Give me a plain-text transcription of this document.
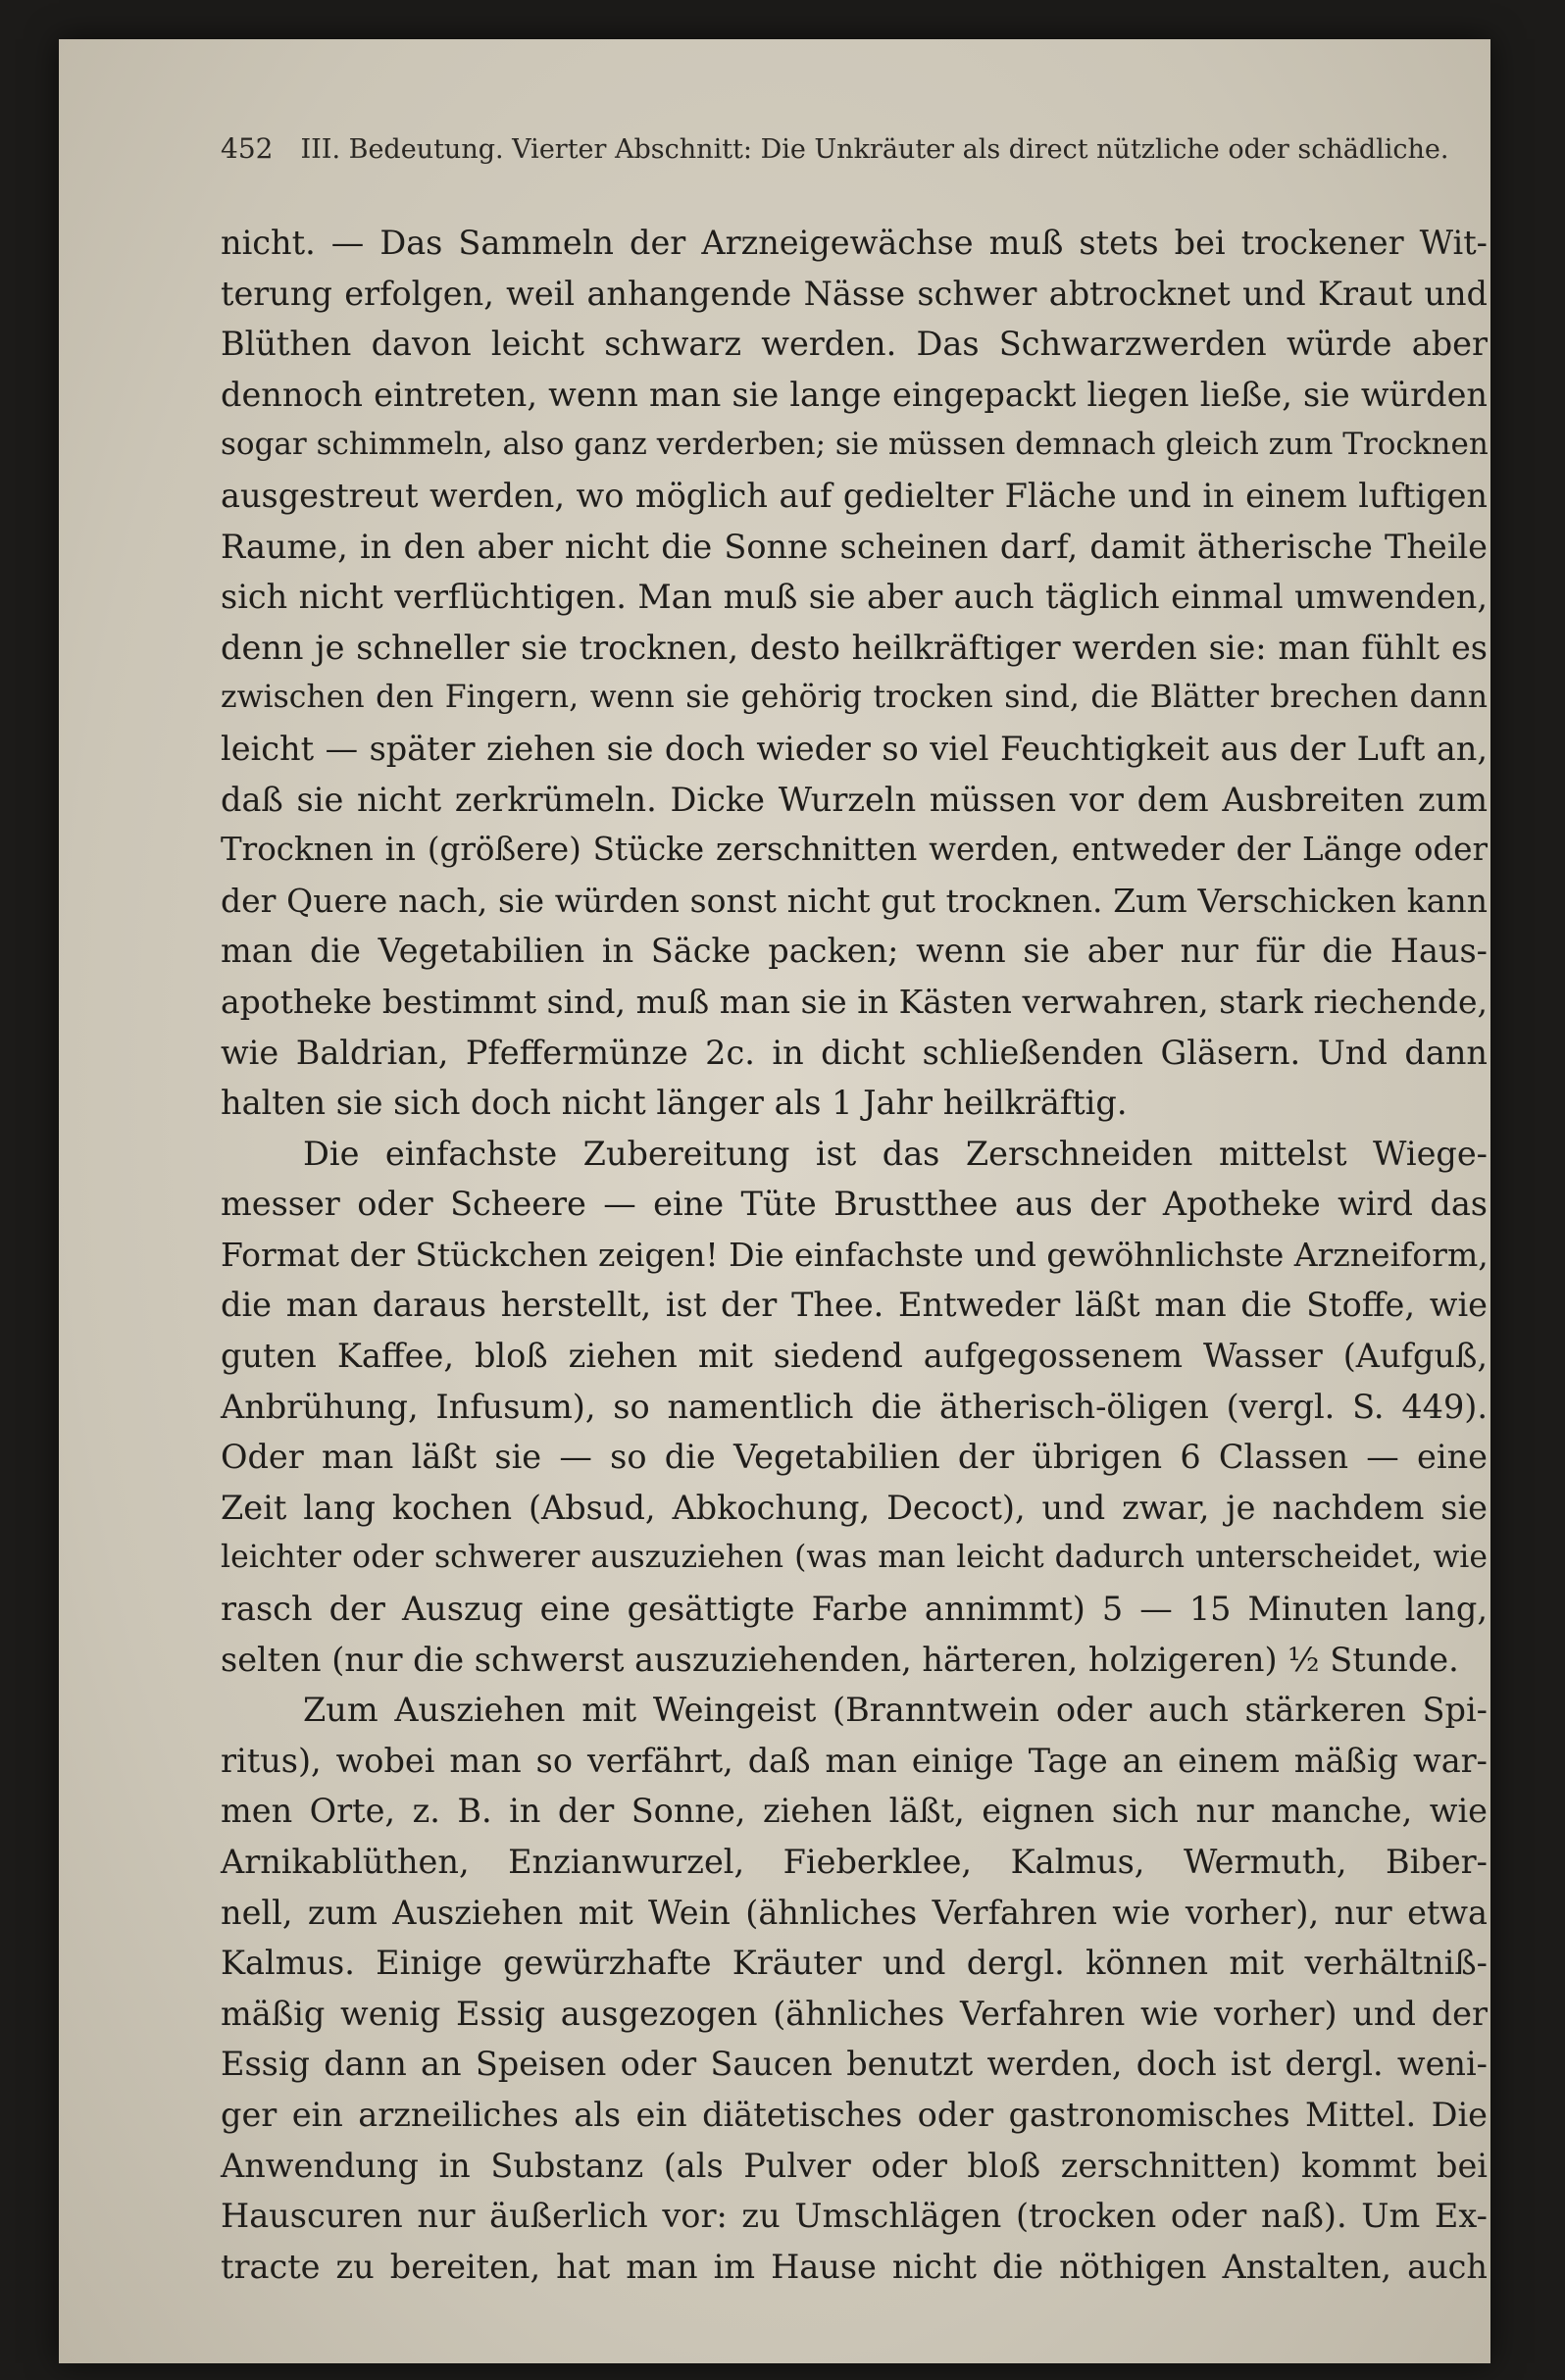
452 III. Bedeutung. Vierter Abschnitt: Die Unkräuter als direct nützliche oder schädliche.
nicht. — Das Sammeln der Arzneigewächse muß stets bei trockener Wit-
terung erfolgen, weil anhangende Nässe schwer abtrocknet und Kraut und
Blüthen davon leicht schwarz werden. Das Schwarzwerden würde aber
dennoch eintreten, wenn man sie lange eingepackt liegen ließe, sie würden
sogar schimmeln, also ganz verderben; sie müssen demnach gleich zum Trocknen
ausgestreut werden, wo möglich auf gedielter Fläche und in einem luftigen
Raume, in den aber nicht die Sonne scheinen darf, damit ätherische Theile
sich nicht verflüchtigen. Man muß sie aber auch täglich einmal umwenden,
denn je schneller sie trocknen, desto heilkräftiger werden sie: man fühlt es
zwischen den Fingern, wenn sie gehörig trocken sind, die Blätter brechen dann
leicht — später ziehen sie doch wieder so viel Feuchtigkeit aus der Luft an,
daß sie nicht zerkrümeln. Dicke Wurzeln müssen vor dem Ausbreiten zum
Trocknen in (größere) Stücke zerschnitten werden, entweder der Länge oder
der Quere nach, sie würden sonst nicht gut trocknen. Zum Verschicken kann
man die Vegetabilien in Säcke packen; wenn sie aber nur für die Haus-
apotheke bestimmt sind, muß man sie in Kästen verwahren, stark riechende,
wie Baldrian, Pfeffermünze 2c. in dicht schließenden Gläsern. Und dann
halten sie sich doch nicht länger als 1 Jahr heilkräftig.
Die einfachste Zubereitung ist das Zerschneiden mittelst Wiege-
messer oder Scheere — eine Tüte Brustthee aus der Apotheke wird das
Format der Stückchen zeigen! Die einfachste und gewöhnlichste Arzneiform,
die man daraus herstellt, ist der Thee. Entweder läßt man die Stoffe, wie
guten Kaffee, bloß ziehen mit siedend aufgegossenem Wasser (Aufguß,
Anbrühung, Infusum), so namentlich die ätherisch-öligen (vergl. S. 449).
Oder man läßt sie — so die Vegetabilien der übrigen 6 Classen — eine
Zeit lang kochen (Absud, Abkochung, Decoct), und zwar, je nachdem sie
leichter oder schwerer auszuziehen (was man leicht dadurch unterscheidet, wie
rasch der Auszug eine gesättigte Farbe annimmt) 5 — 15 Minuten lang,
selten (nur die schwerst auszuziehenden, härteren, holzigeren) ½ Stunde.
Zum Ausziehen mit Weingeist (Branntwein oder auch stärkeren Spi-
ritus), wobei man so verfährt, daß man einige Tage an einem mäßig war-
men Orte, z. B. in der Sonne, ziehen läßt, eignen sich nur manche, wie
Arnikablüthen, Enzianwurzel, Fieberklee, Kalmus, Wermuth, Biber-
nell, zum Ausziehen mit Wein (ähnliches Verfahren wie vorher), nur etwa
Kalmus. Einige gewürzhafte Kräuter und dergl. können mit verhältniß-
mäßig wenig Essig ausgezogen (ähnliches Verfahren wie vorher) und der
Essig dann an Speisen oder Saucen benutzt werden, doch ist dergl. weni-
ger ein arzneiliches als ein diätetisches oder gastronomisches Mittel. Die
Anwendung in Substanz (als Pulver oder bloß zerschnitten) kommt bei
Hauscuren nur äußerlich vor: zu Umschlägen (trocken oder naß). Um Ex-
tracte zu bereiten, hat man im Hause nicht die nöthigen Anstalten, auch
